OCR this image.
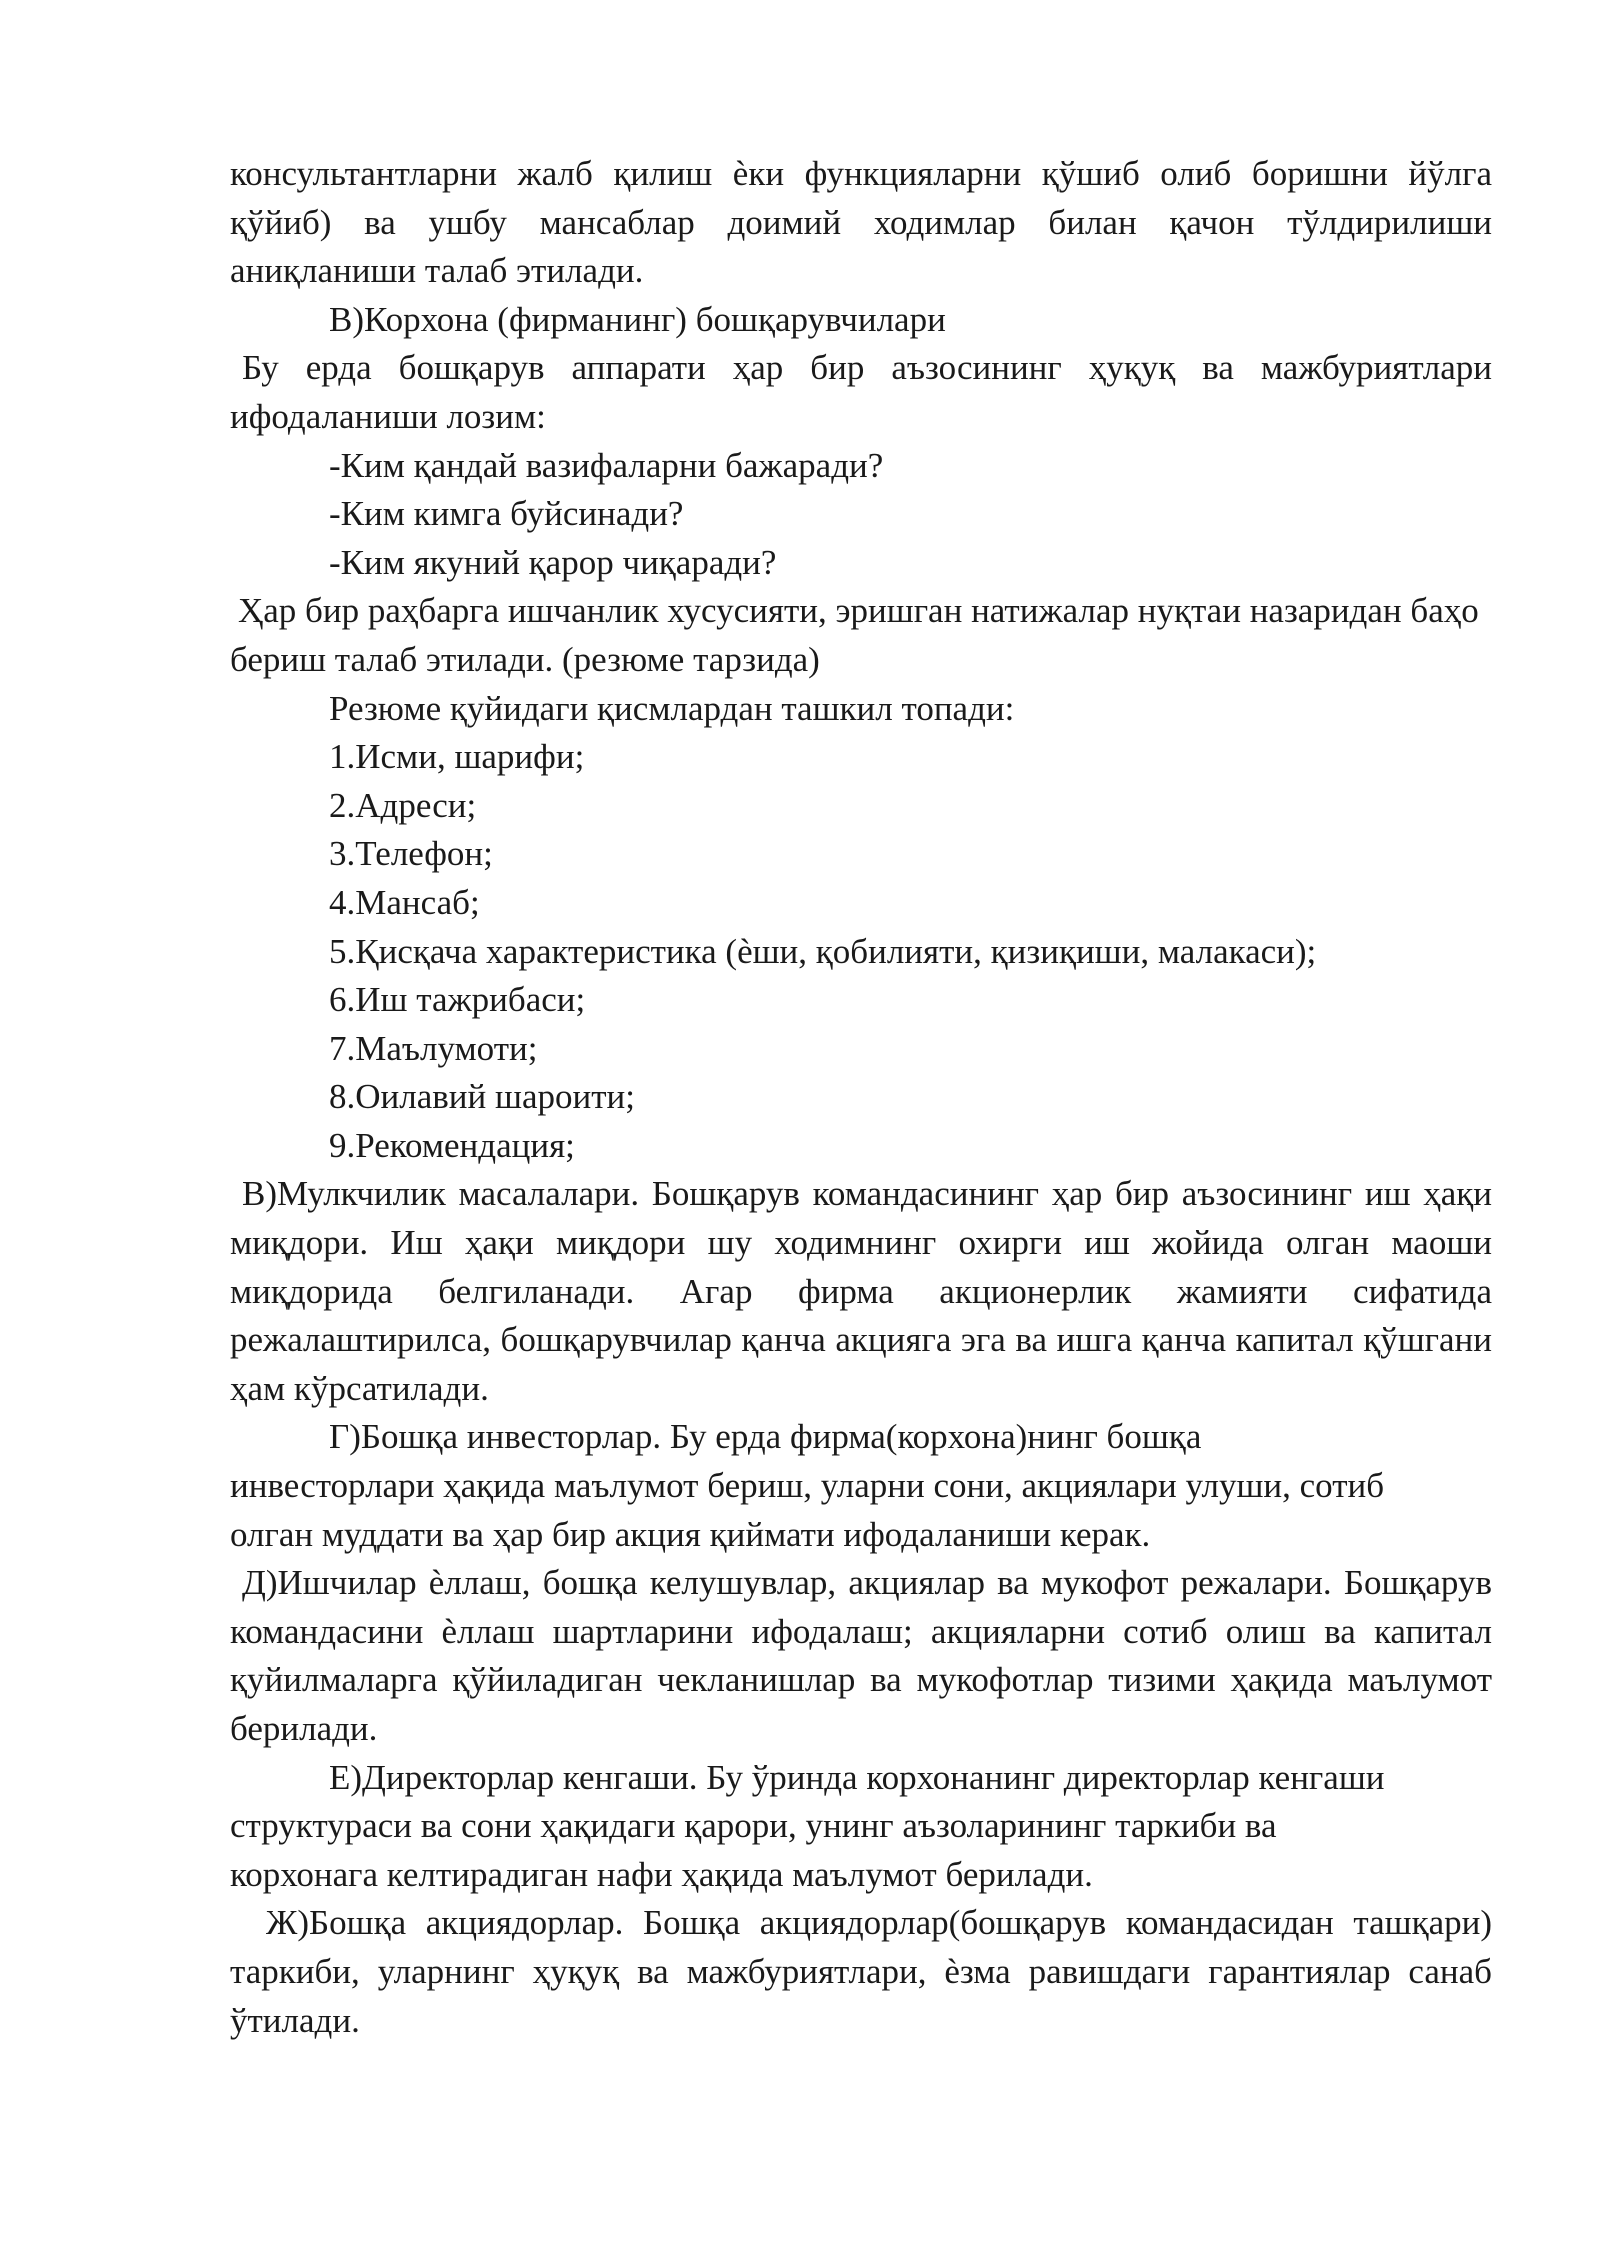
консультантларни жалб қилиш ѐки функцияларни қўшиб олиб боришни йўлга қўйиб) ва ушбу мансаблар доимий ходимлар билан қачон тўлдирилиши аниқланиши талаб этилади.

В)Корхона (фирманинг) бошқарувчилари

Бу ерда бошқарув аппарати ҳар бир аъзосининг ҳуқуқ ва мажбуриятлари ифодаланиши лозим:

-Ким қандай вазифаларни бажаради?

-Ким кимга буйсинади?

-Ким якуний қарор чиқаради?

Ҳар бир раҳбарга ишчанлик хусусияти, эришган натижалар нуқтаи назаридан баҳо бериш талаб этилади. (резюме тарзида)

Резюме қуйидаги қисмлардан ташкил топади:

1.Исми, шарифи;

2.Адреси;

3.Телефон;

4.Мансаб;

5.Қисқача характеристика (ѐши, қобилияти, қизиқиши, малакаси);

6.Иш тажрибаси;

7.Маълумоти;

8.Оилавий шароити;

9.Рекомендация;

В)Мулкчилик масалалари. Бошқарув командасининг ҳар бир аъзосининг иш ҳақи миқдори. Иш ҳақи миқдори шу ходимнинг охирги иш жойида олган маоши миқдорида белгиланади. Агар фирма акционерлик жамияти сифатида режалаштирилса, бошқарувчилар қанча акцияга эга ва ишга қанча капитал қўшгани ҳам кўрсатилади.

Г)Бошқа инвесторлар. Бу ерда фирма(корхона)нинг бошқа

инвесторлари ҳақида маълумот бериш, уларни сони, акциялари улуши, сотиб

олган муддати ва ҳар бир акция қиймати ифодаланиши керак.

Д)Ишчилар ѐллаш, бошқа келушувлар, акциялар ва мукофот режалари. Бошқарув командасини ѐллаш шартларини ифодалаш; акцияларни сотиб олиш ва капитал қуйилмаларга қўйиладиган чекланишлар ва мукофотлар тизими ҳақида маълумот берилади.

Е)Директорлар кенгаши. Бу ўринда корхонанинг директорлар кенгаши

структураси ва сони ҳақидаги қарори, унинг аъзоларининг таркиби ва

корхонага келтирадиган нафи ҳақида маълумот берилади.

Ж)Бошқа акциядорлар. Бошқа акциядорлар(бошқарув командасидан ташқари) таркиби, уларнинг ҳуқуқ ва мажбуриятлари, ѐзма равишдаги гарантиялар санаб ўтилади.
